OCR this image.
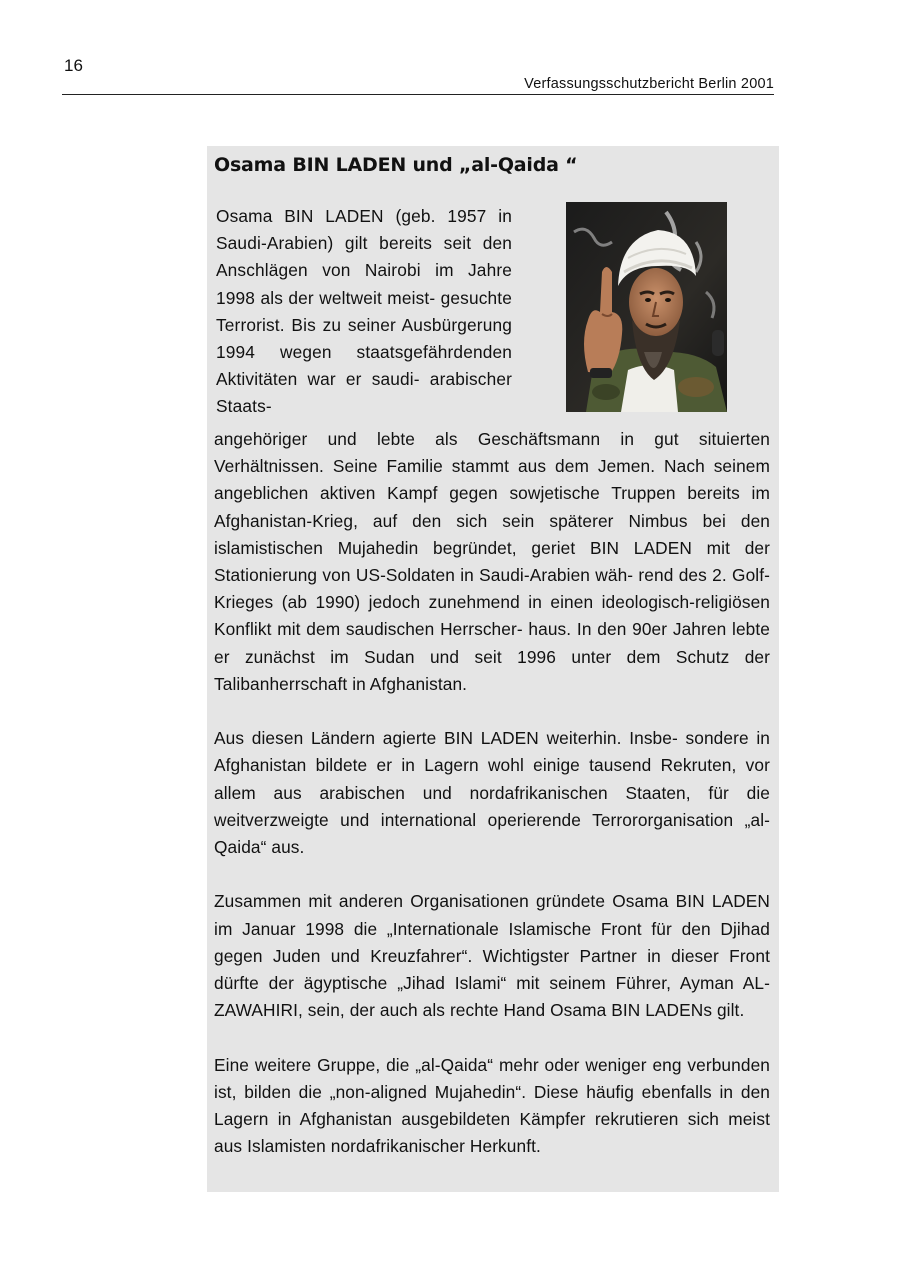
16
Verfassungsschutzbericht Berlin 2001
Osama BIN LADEN und „al-Qaida “
Osama BIN LADEN (geb. 1957 in Saudi-Arabien) gilt bereits seit den Anschlägen von Nairobi im Jahre 1998 als der weltweit meist- gesuchte Terrorist. Bis zu seiner Ausbürgerung 1994 wegen staatsgefährdenden Aktivitäten war er saudi- arabischer Staats-

angehöriger und lebte als Geschäftsmann in gut situierten Verhältnissen. Seine Familie stammt aus dem Jemen. Nach seinem angeblichen aktiven Kampf gegen sowjetische Truppen bereits im Afghanistan-Krieg, auf den sich sein späterer Nimbus bei den islamistischen Mujahedin begründet, geriet BIN LADEN mit der Stationierung von US-Soldaten in Saudi-Arabien wäh- rend des 2. Golf-Krieges (ab 1990) jedoch zunehmend in einen ideologisch-religiösen Konflikt mit dem saudischen Herrscher- haus. In den 90er Jahren lebte er zunächst im Sudan und seit 1996 unter dem Schutz der Talibanherrschaft in Afghanistan.

Aus diesen Ländern agierte BIN LADEN weiterhin. Insbe- sondere in Afghanistan bildete er in Lagern wohl einige tausend Rekruten, vor allem aus arabischen und nordafrikanischen Staaten, für die weitverzweigte und international operierende Terrororganisation „al-Qaida“ aus.

Zusammen mit anderen Organisationen gründete Osama BIN LADEN im Januar 1998 die „Internationale Islamische Front für den Djihad gegen Juden und Kreuzfahrer“. Wichtigster Partner in dieser Front dürfte der ägyptische „Jihad Islami“ mit seinem Führer, Ayman AL-ZAWAHIRI, sein, der auch als rechte Hand Osama BIN LADENs gilt.

Eine weitere Gruppe, die „al-Qaida“ mehr oder weniger eng verbunden ist, bilden die „non-aligned Mujahedin“. Diese häufig ebenfalls in den Lagern in Afghanistan ausgebildeten Kämpfer rekrutieren sich meist aus Islamisten nordafrikanischer Herkunft.
